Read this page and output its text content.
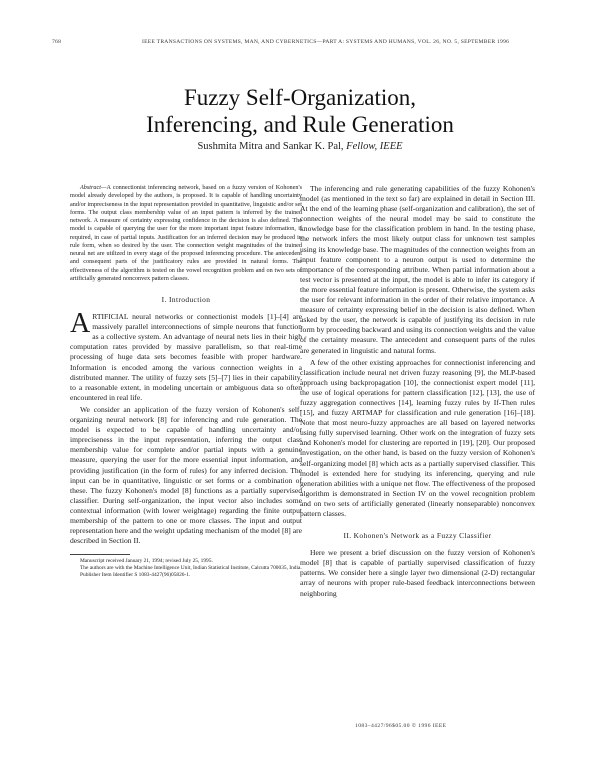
768	IEEE TRANSACTIONS ON SYSTEMS, MAN, AND CYBERNETICS—PART A: SYSTEMS AND HUMANS, VOL. 26, NO. 5, SEPTEMBER 1996
Fuzzy Self-Organization,
Inferencing, and Rule Generation
Sushmita Mitra and Sankar K. Pal, Fellow, IEEE

Abstract—A connectionist inferencing network, based on a fuzzy version of Kohonen's model already developed by the authors, is proposed. It is capable of handling uncertainty and/or impreciseness in the input representation provided in quantitative, linguistic and/or set forms. The output class membership value of an input pattern is inferred by the trained network. A measure of certainty expressing confidence in the decision is also defined. The model is capable of querying the user for the more important input feature information, if required, in case of partial inputs. Justification for an inferred decision may be produced in rule form, when so desired by the user. The connection weight magnitudes of the trained neural net are utilized in every stage of the proposed inferencing procedure. The antecedent and consequent parts of the justificatory rules are provided in natural forms. The effectiveness of the algorithm is tested on the vowel recognition problem and on two sets of artificially generated nonconvex pattern classes.

I. Introduction

ARTIFICIAL neural networks or connectionist models [1]–[4] are massively parallel interconnections of simple neurons that function as a collective system. An advantage of neural nets lies in their high computation rates provided by massive parallelism, so that real-time processing of huge data sets becomes feasible with proper hardware. Information is encoded among the various connection weights in a distributed manner. The utility of fuzzy sets [5]–[7] lies in their capability, to a reasonable extent, in modeling uncertain or ambiguous data so often encountered in real life.

We consider an application of the fuzzy version of Kohonen's self-organizing neural network [8] for inferencing and rule generation. The model is expected to be capable of handling uncertainty and/or impreciseness in the input representation, inferring the output class membership value for complete and/or partial inputs with a genuine measure, querying the user for the more essential input information, and providing justification (in the form of rules) for any inferred decision. The input can be in quantitative, linguistic or set forms or a combination of these. The fuzzy Kohonen's model [8] functions as a partially supervised classifier. During self-organization, the input vector also includes some contextual information (with lower weightage) regarding the finite output membership of the pattern to one or more classes. The input and output representation here and the weight updating mechanism of the model [8] are described in Section II.

Manuscript received January 21, 1994; revised July 25, 1995.

The authors are with the Machine Intelligence Unit, Indian Statistical Institute, Calcutta 700035, India.

Publisher Item Identifier S 1083-4427(96)05826-1.

The inferencing and rule generating capabilities of the fuzzy Kohonen's model (as mentioned in the text so far) are explained in detail in Section III. At the end of the learning phase (self-organization and calibration), the set of connection weights of the neural model may be said to constitute the knowledge base for the classification problem in hand. In the testing phase, the network infers the most likely output class for unknown test samples using its knowledge base. The magnitudes of the connection weights from an input feature component to a neuron output is used to determine the importance of the corresponding attribute. When partial information about a test vector is presented at the input, the model is able to infer its category if the more essential feature information is present. Otherwise, the system asks the user for relevant information in the order of their relative importance. A measure of certainty expressing belief in the decision is also defined. When asked by the user, the network is capable of justifying its decision in rule form by proceeding backward and using its connection weights and the value of the certainty measure. The antecedent and consequent parts of the rules are generated in linguistic and natural forms.

A few of the other existing approaches for connectionist inferencing and classification include neural net driven fuzzy reasoning [9], the MLP-based approach using backpropagation [10], the connectionist expert model [11], the use of logical operations for pattern classification [12], [13], the use of fuzzy aggregation connectives [14], learning fuzzy rules by If-Then rules [15], and fuzzy ARTMAP for classification and rule generation [16]–[18]. Note that most neuro-fuzzy approaches are all based on layered networks using fully supervised learning. Other work on the integration of fuzzy sets and Kohonen's model for clustering are reported in [19], [20]. Our proposed investigation, on the other hand, is based on the fuzzy version of Kohonen's self-organizing model [8] which acts as a partially supervised classifier. This model is extended here for studying its inferencing, querying and rule generation abilities with a unique net flow. The effectiveness of the proposed algorithm is demonstrated in Section IV on the vowel recognition problem and on two sets of artificially generated (linearly nonseparable) nonconvex pattern classes.

II. Kohonen's Network as a Fuzzy Classifier

Here we present a brief discussion on the fuzzy version of Kohonen's model [8] that is capable of partially supervised classification of fuzzy patterns. We consider here a single layer two dimensional (2-D) rectangular array of neurons with proper rule-based feedback interconnections between neighboring

1083–4427/96$05.00 © 1996 IEEE
